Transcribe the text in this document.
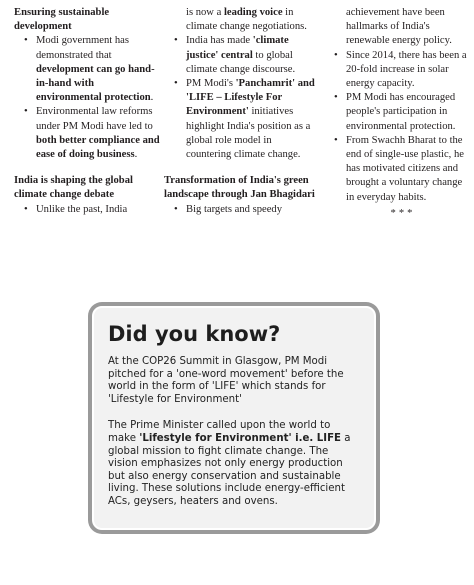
Ensuring sustainable development
• Modi government has demonstrated that development can go hand-in-hand with environmental protection.
• Environmental law reforms under PM Modi have led to both better compliance and ease of doing business.
India is shaping the global climate change debate
• Unlike the past, India

is now a leading voice in climate change negotiations.

• India has made 'climate justice' central to global climate change discourse.
• PM Modi's 'Panchamrit' and 'LIFE – Lifestyle For Environment' initiatives highlight India's position as a global role model in countering climate change.
Transformation of India's green landscape through Jan Bhagidari
• Big targets and speedy

achievement have been hallmarks of India's renewable energy policy.

• Since 2014, there has been a 20-fold increase in solar energy capacity.
• PM Modi has encouraged people's participation in environmental protection.
• From Swachh Bharat to the end of single-use plastic, he has motivated citizens and brought a voluntary change in everyday habits.
***
Did you know?

At the COP26 Summit in Glasgow, PM Modi pitched for a 'one-word movement' before the world in the form of 'LIFE' which stands for 'Lifestyle for Environment'

The Prime Minister called upon the world to make 'Lifestyle for Environment' i.e. LIFE a global mission to fight climate change. The vision emphasizes not only energy production but also energy conservation and sustainable living. These solutions include energy-efficient ACs, geysers, heaters and ovens.
